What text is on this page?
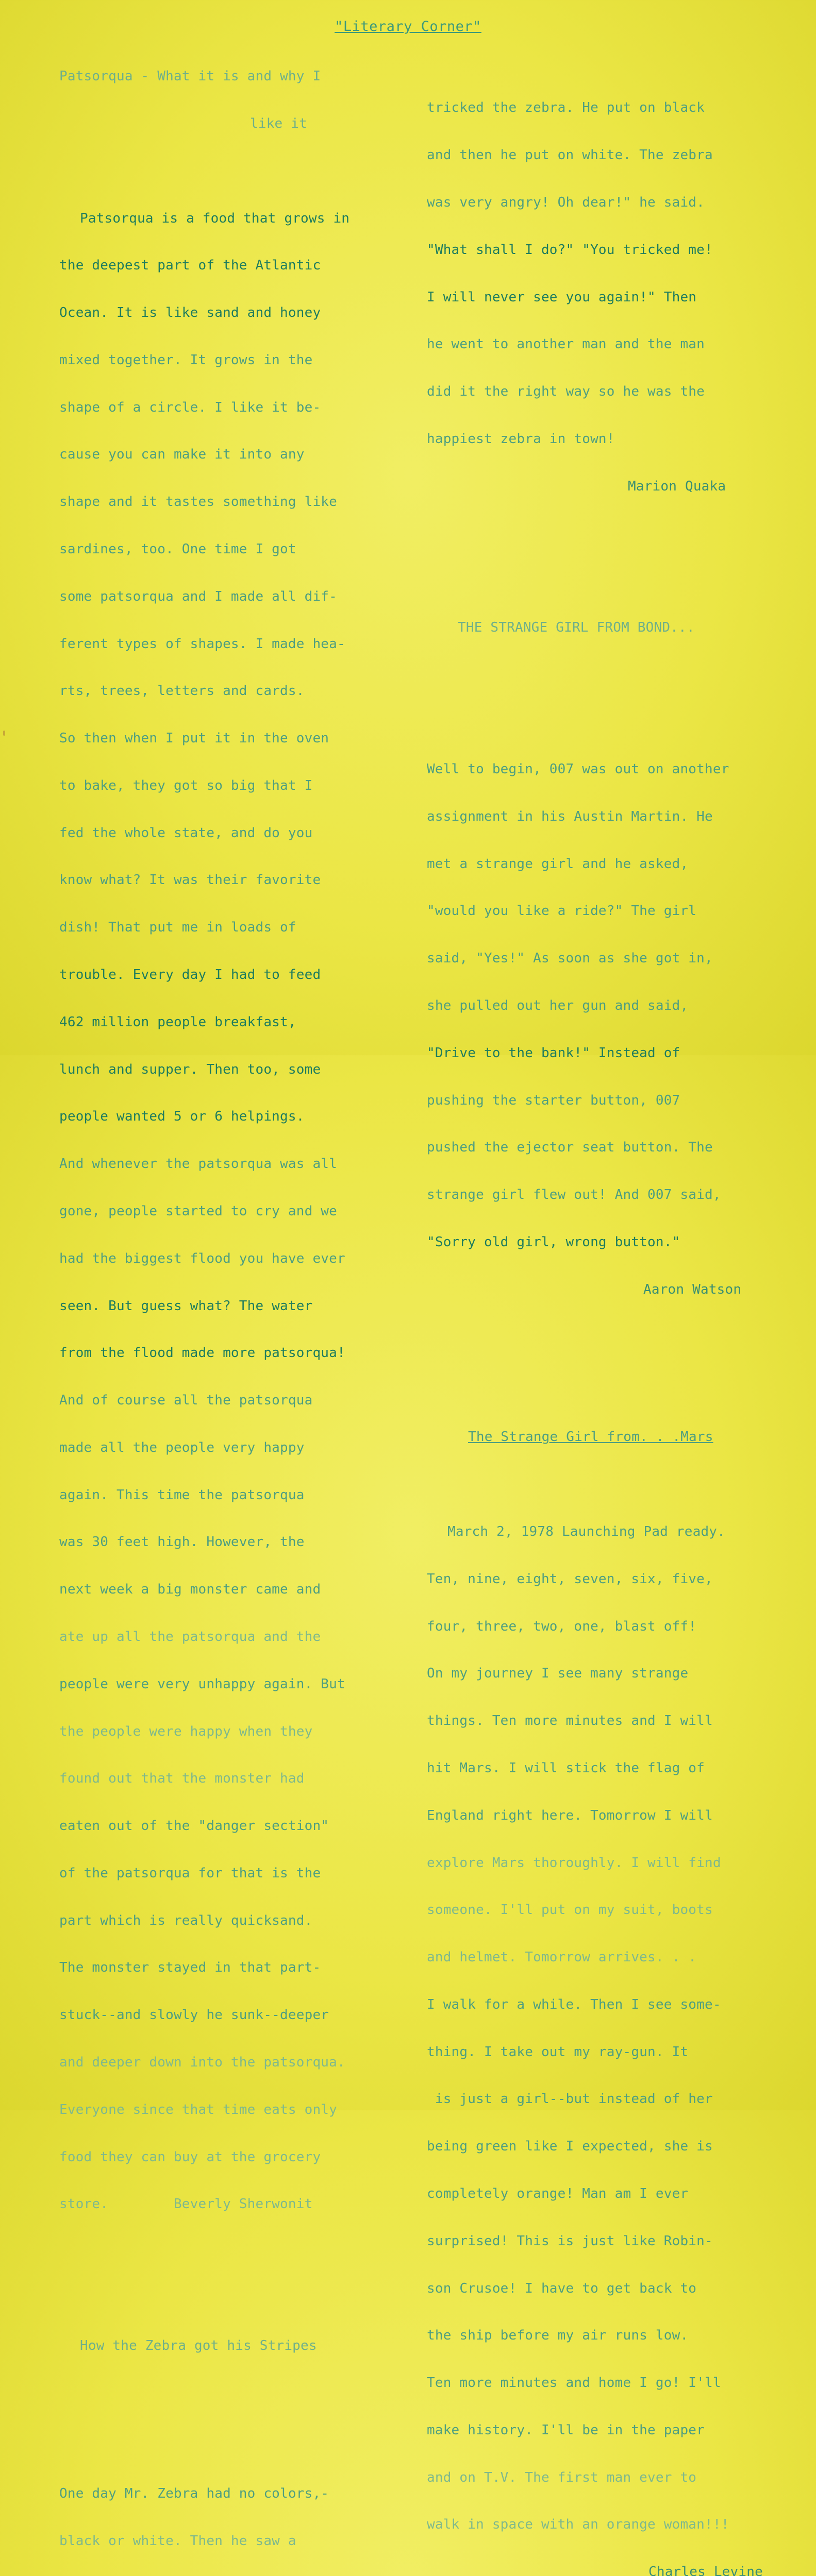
"Literary Corner"

Patsorqua - What it is and why I

like it

Patsorqua is a food that grows in

the deepest part of the Atlantic

Ocean. It is like sand and honey

mixed together. It grows in the

shape of a circle. I like it be-

cause you can make it into any

shape and it tastes something like

sardines, too. One time I got

some patsorqua and I made all dif-

ferent types of shapes. I made hea-

rts, trees, letters and cards.

So then when I put it in the oven

to bake, they got so big that I

fed the whole state, and do you

know what? It was their favorite

dish! That put me in loads of

trouble. Every day I had to feed

462 million people breakfast,

lunch and supper. Then too, some

people wanted 5 or 6 helpings.

And whenever the patsorqua was all

gone, people started to cry and we

had the biggest flood you have ever

seen. But guess what? The water

from the flood made more patsorqua!

And of course all the patsorqua

made all the people very happy

again. This time the patsorqua

was 30 feet high. However, the

next week a big monster came and

ate up all the patsorqua and the

people were very unhappy again. But

the people were happy when they

found out that the monster had

eaten out of the "danger section"

of the patsorqua for that is the

part which is really quicksand.

The monster stayed in that part-

stuck--and slowly he sunk--deeper

and deeper down into the patsorqua.

Everyone since that time eats only

food they can buy at the grocery

store.        Beverly Sherwonit

How the Zebra got his Stripes

One day Mr. Zebra had no colors,-

black or white. Then he saw a

tricked the zebra. He put on black

and then he put on white. The zebra

was very angry! Oh dear!" he said.

"What shall I do?" "You tricked me!

I will never see you again!" Then

he went to another man and the man

did it the right way so he was the

happiest zebra in town!

Marion Quaka

THE STRANGE GIRL FROM BOND...

Well to begin, 007 was out on another

assignment in his Austin Martin. He

met a strange girl and he asked,

"would you like a ride?" The girl

said, "Yes!" As soon as she got in,

she pulled out her gun and said,

"Drive to the bank!" Instead of

pushing the starter button, 007

pushed the ejector seat button. The

strange girl flew out! And 007 said,

"Sorry old girl, wrong button."

Aaron Watson

The Strange Girl from. . .Mars

March 2, 1978 Launching Pad ready.

Ten, nine, eight, seven, six, five,

four, three, two, one, blast off!

On my journey I see many strange

things. Ten more minutes and I will

hit Mars. I will stick the flag of

England right here. Tomorrow I will

explore Mars thoroughly. I will find

someone. I'll put on my suit, boots

and helmet. Tomorrow arrives. . .

I walk for a while. Then I see some-

thing. I take out my ray-gun. It

is just a girl--but instead of her

being green like I expected, she is

completely orange! Man am I ever

surprised! This is just like Robin-

son Crusoe! I have to get back to

the ship before my air runs low.

Ten more minutes and home I go! I'll

make history. I'll be in the paper

and on T.V. The first man ever to

walk in space with an orange woman!!!

Charles Levine
